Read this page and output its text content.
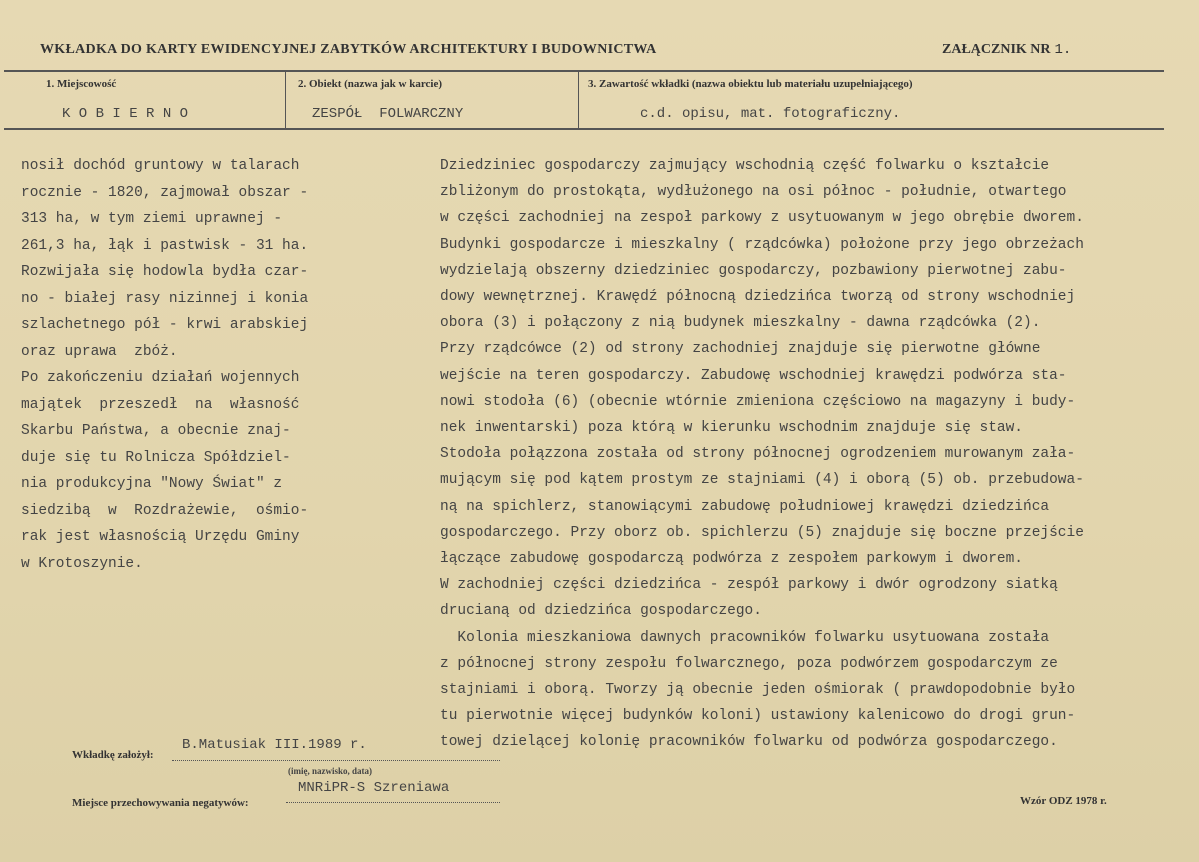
WKŁADKA DO KARTY EWIDENCYJNEJ ZABYTKÓW ARCHITEKTURY I BUDOWNICTWA	ZAŁĄCZNIK NR 1.
1. Miejscowość
K O B I E R N O
2. Obiekt (nazwa jak w karcie)
ZESPÓŁ  FOLWARCZNY
3. Zawartość wkładki (nazwa obiektu lub materiału uzupełniającego)
c.d. opisu, mat. fotograficzny.
nosił dochód gruntowy w talarach
rocznie - 1820, zajmował obszar -
313 ha, w tym ziemi uprawnej -
261,3 ha, łąk i pastwisk - 31 ha.
Rozwijała się hodowla bydła czar-
no - białej rasy nizinnej i konia
szlachetnego pół - krwi arabskiej
oraz uprawa  zbóż.
Po zakończeniu działań wojennych
majątek  przeszedł  na  własność
Skarbu Państwa, a obecnie znaj-
duje się tu Rolnicza Spółdziel-
nia produkcyjna "Nowy Świat" z
siedzibą  w  Rozdrażewie,  ośmio-
rak jest własnością Urzędu Gminy
w Krotoszynie.
Dziedziniec gospodarczy zajmujący wschodnią część folwarku o kształcie
zbliżonym do prostokąta, wydłużonego na osi północ - południe, otwartego
w części zachodniej na zespoł parkowy z usytuowanym w jego obrębie dworem.
Budynki gospodarcze i mieszkalny ( rządcówka) położone przy jego obrzeżach
wydzielają obszerny dziedziniec gospodarczy, pozbawiony pierwotnej zabu-
dowy wewnętrznej. Krawędź północną dziedzińca tworzą od strony wschodniej
obora (3) i połączony z nią budynek mieszkalny - dawna rządcówka (2).
Przy rządcówce (2) od strony zachodniej znajduje się pierwotne główne
wejście na teren gospodarczy. Zabudowę wschodniej krawędzi podwórza sta-
nowi stodoła (6) (obecnie wtórnie zmieniona częściowo na magazyny i budy-
nek inwentarski) poza którą w kierunku wschodnim znajduje się staw.
Stodoła połązzona została od strony północnej ogrodzeniem murowanym zała-
mującym się pod kątem prostym ze stajniami (4) i oborą (5) ob. przebudowa-
ną na spichlerz, stanowiącymi zabudowę południowej krawędzi dziedzińca
gospodarczego. Przy oborz ob. spichlerzu (5) znajduje się boczne przejście
łączące zabudowę gospodarczą podwórza z zespołem parkowym i dworem.
W zachodniej części dziedzińca - zespół parkowy i dwór ogrodzony siatką
drucianą od dziedzińca gospodarczego.
Kolonia mieszkaniowa dawnych pracowników folwarku usytuowana została
z północnej strony zespołu folwarcznego, poza podwórzem gospodarczym ze
stajniami i oborą. Tworzy ją obecnie jeden ośmiorak ( prawdopodobnie było
tu pierwotnie więcej budynków koloni) ustawiony kalenicowo do drogi grun-
towej dzielącej kolonię pracowników folwarku od podwórza gospodarczego.
Wkładkę założył:
B.Matusiak III.1989 r.
(imię, nazwisko, data)
Miejsce przechowywania negatywów:
MNRiPR-S Szreniawa
Wzór ODZ 1978 r.
